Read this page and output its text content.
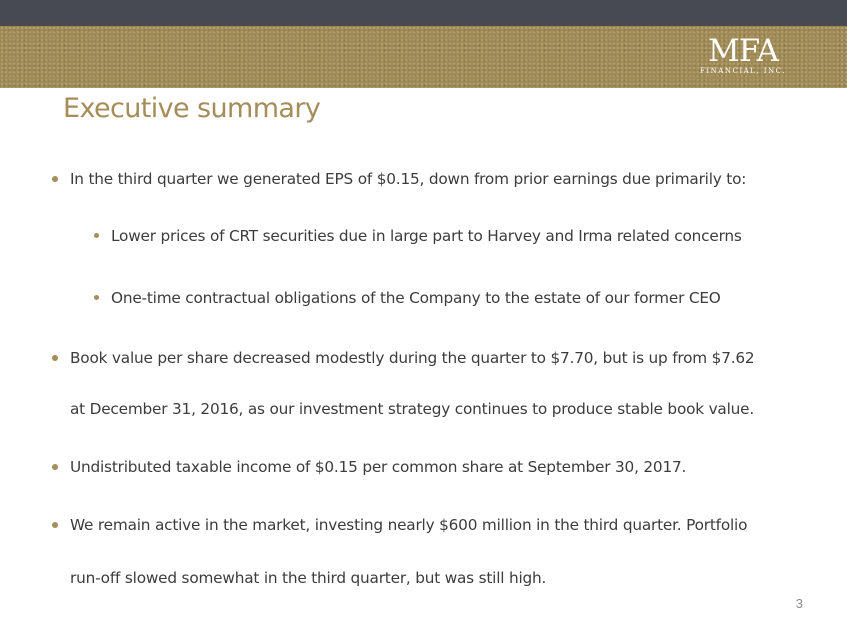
MFA
FINANCIAL, INC.
Executive summary
In the third quarter we generated EPS of $0.15, down from prior earnings due primarily to:
Lower prices of CRT securities due in large part to Harvey and Irma related concerns
One-time contractual obligations of the Company to the estate of our former CEO
Book value per share decreased modestly during the quarter to $7.70, but is up from $7.62
at December 31, 2016, as our investment strategy continues to produce stable book value.
Undistributed taxable income of $0.15 per common share at September 30, 2017.
We remain active in the market, investing nearly $600 million in the third quarter. Portfolio
run-off slowed somewhat in the third quarter, but was still high.
3
